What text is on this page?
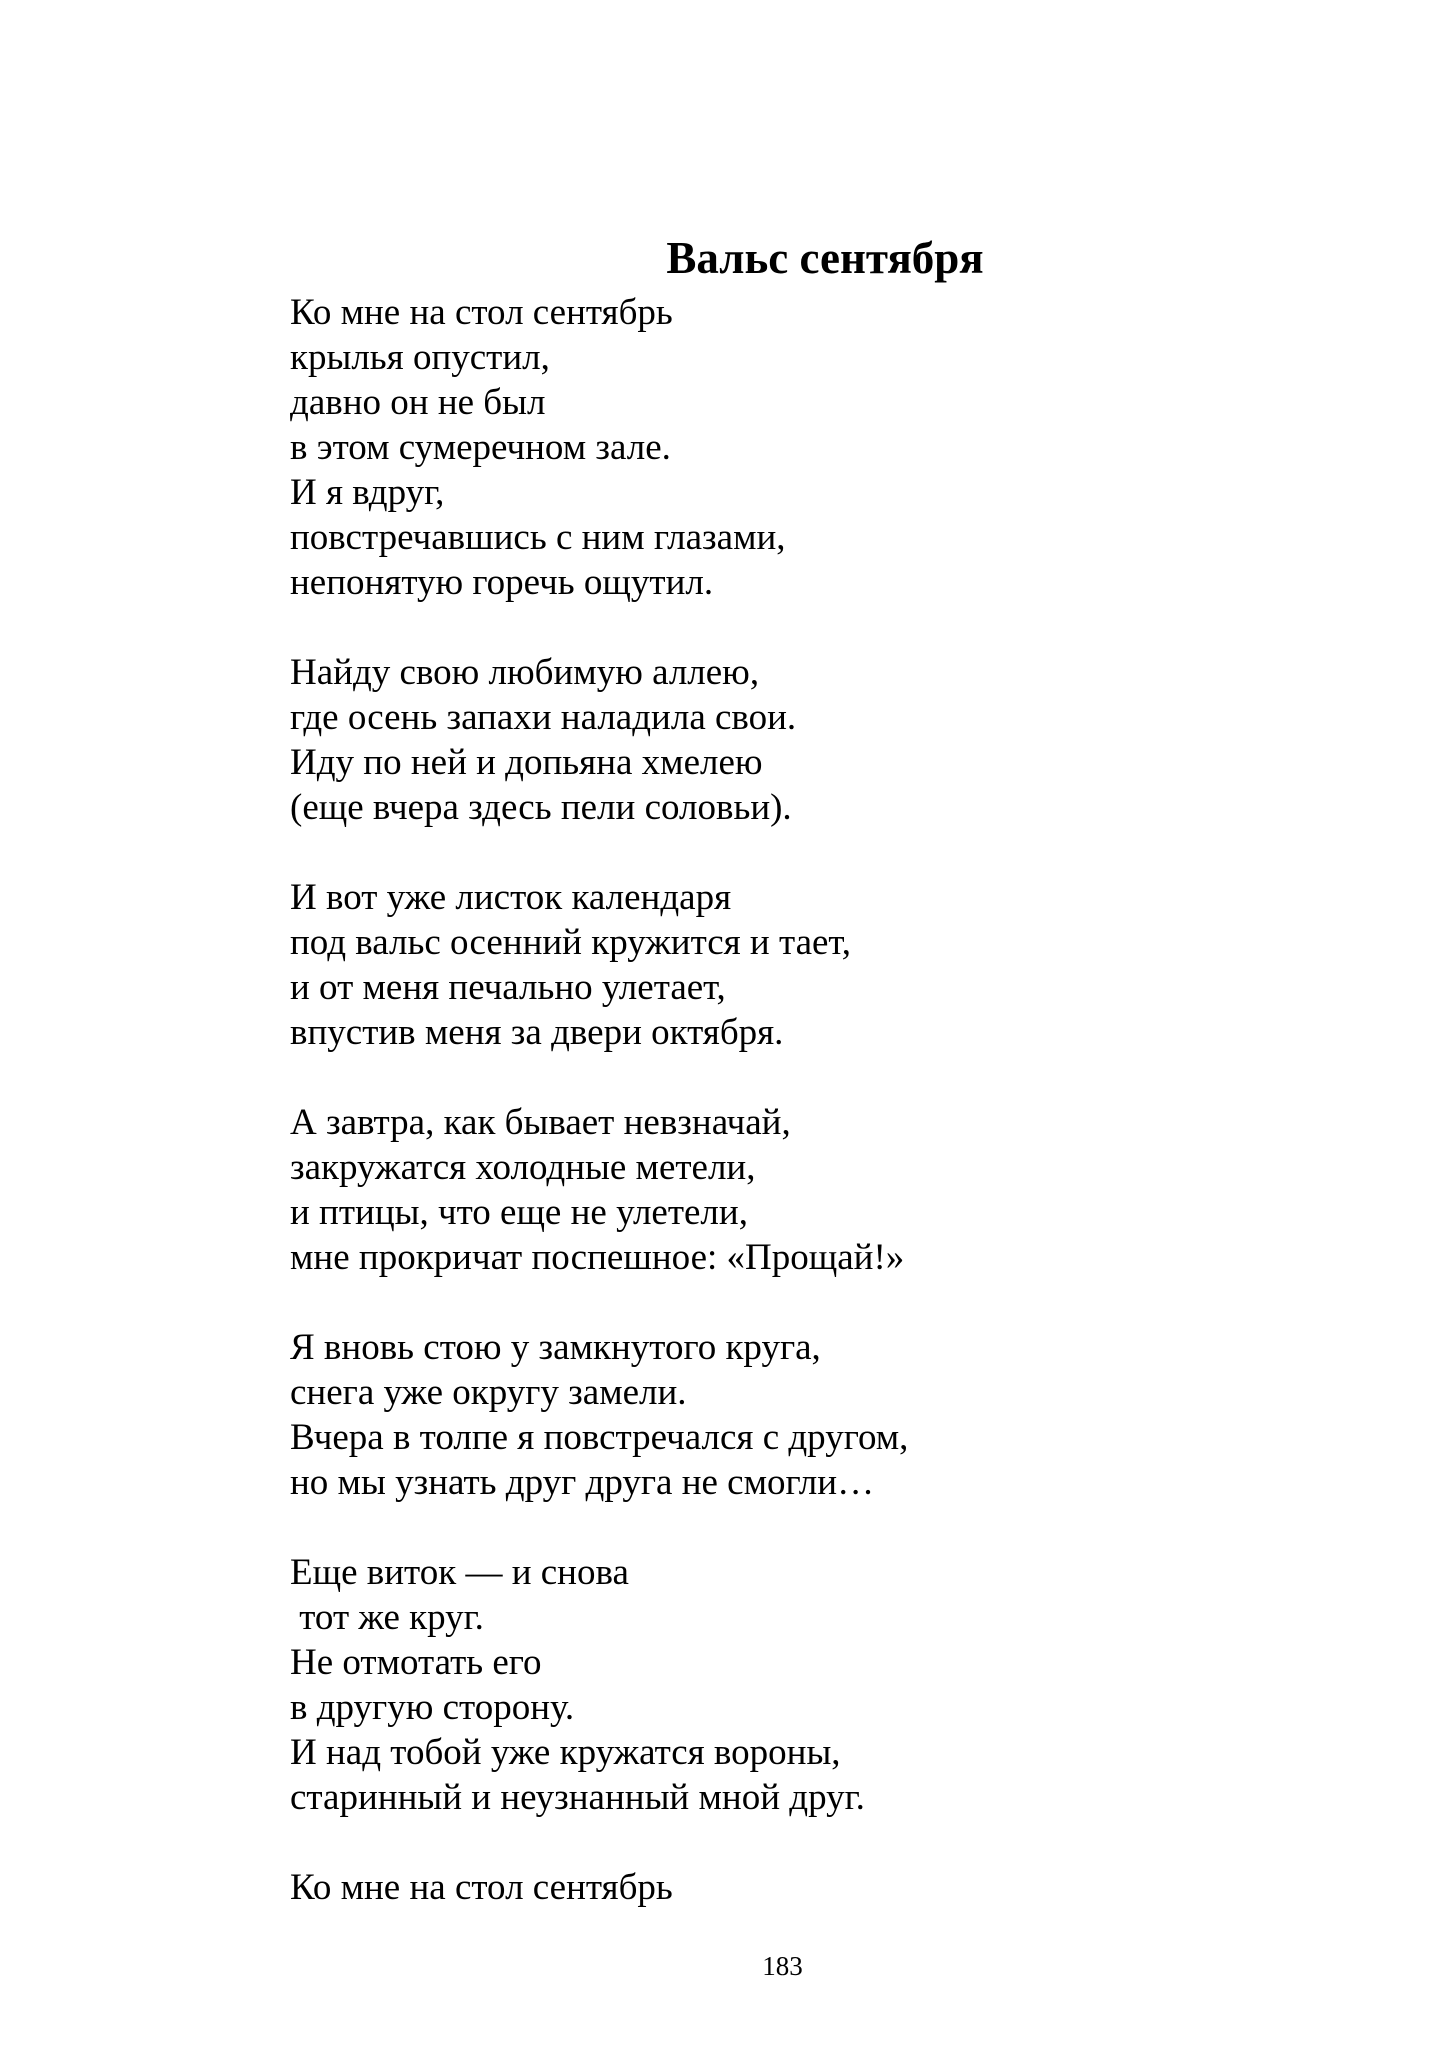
Вальс сентября
Ко мне на стол сентябрь
крылья опустил,
давно он не был
в этом сумеречном зале.
И я вдруг,
повстречавшись с ним глазами,
непонятую горечь ощутил.
Найду свою любимую аллею,
где осень запахи наладила свои.
Иду по ней и допьяна хмелею
(еще вчера здесь пели соловьи).
И вот уже листок календаря
под вальс осенний кружится и тает,
и от меня печально улетает,
впустив меня за двери октября.
А завтра, как бывает невзначай,
закружатся холодные метели,
и птицы, что еще не улетели,
мне прокричат поспешное: «Прощай!»
Я вновь стою у замкнутого круга,
снега уже округу замели.
Вчера в толпе я повстречался с другом,
но мы узнать друг друга не смогли…
Еще виток — и снова
тот же круг.
Не отмотать его
в другую сторону.
И над тобой уже кружатся вороны,
старинный и неузнанный мной друг.
Ко мне на стол сентябрь
183
